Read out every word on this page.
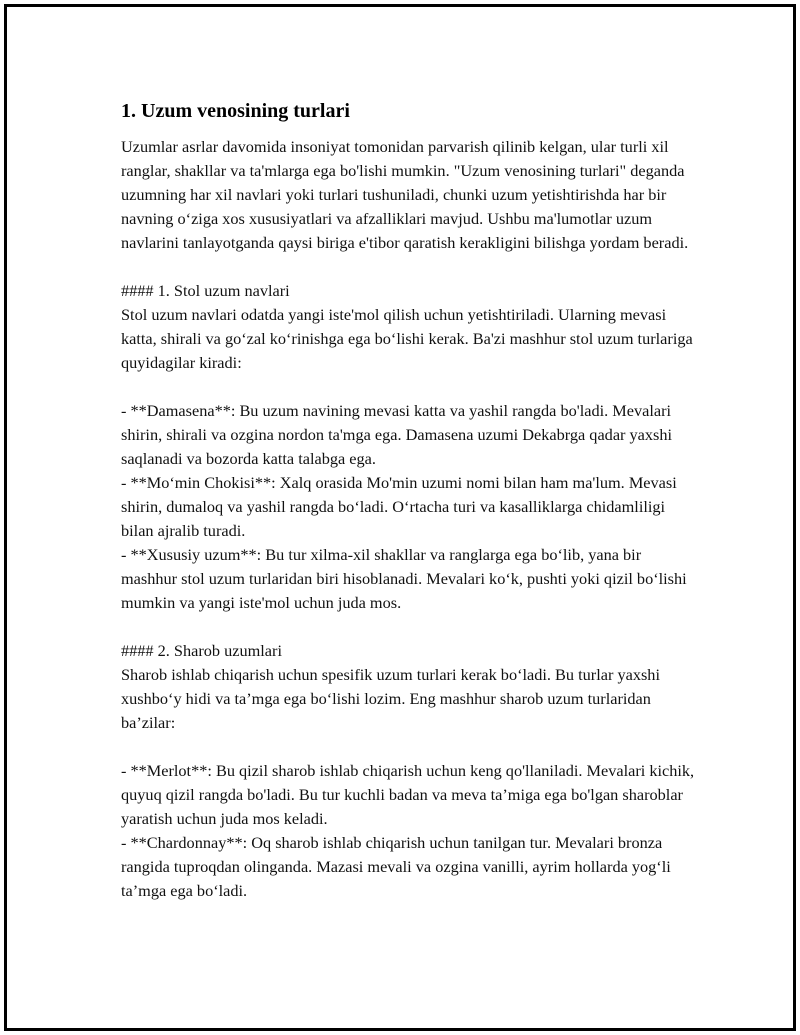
1. Uzum venosining turlari

Uzumlar asrlar davomida insoniyat tomonidan parvarish qilinib kelgan, ular turli xil ranglar, shakllar va ta'mlarga ega bo'lishi mumkin. "Uzum venosining turlari" deganda uzumning har xil navlari yoki turlari tushuniladi, chunki uzum yetishtirishda har bir navning o‘ziga xos xususiyatlari va afzalliklari mavjud. Ushbu ma'lumotlar uzum navlarini tanlayotganda qaysi biriga e'tibor qaratish kerakligini bilishga yordam beradi.

#### 1. Stol uzum navlari

Stol uzum navlari odatda yangi iste'mol qilish uchun yetishtiriladi. Ularning mevasi katta, shirali va go‘zal ko‘rinishga ega bo‘lishi kerak. Ba'zi mashhur stol uzum turlariga quyidagilar kiradi:

- **Damasena**: Bu uzum navining mevasi katta va yashil rangda bo'ladi. Mevalari shirin, shirali va ozgina nordon ta'mga ega. Damasena uzumi Dekabrga qadar yaxshi saqlanadi va bozorda katta talabga ega.

- **Mo‘min Chokisi**: Xalq orasida Mo'min uzumi nomi bilan ham ma'lum. Mevasi shirin, dumaloq va yashil rangda bo‘ladi. O‘rtacha turi va kasalliklarga chidamliligi bilan ajralib turadi.

- **Xususiy uzum**: Bu tur xilma-xil shakllar va ranglarga ega bo‘lib, yana bir mashhur stol uzum turlaridan biri hisoblanadi. Mevalari ko‘k, pushti yoki qizil bo‘lishi mumkin va yangi iste'mol uchun juda mos.

#### 2. Sharob uzumlari

Sharob ishlab chiqarish uchun spesifik uzum turlari kerak bo‘ladi. Bu turlar yaxshi xushbo‘y hidi va ta’mga ega bo‘lishi lozim. Eng mashhur sharob uzum turlaridan ba’zilar:

- **Merlot**: Bu qizil sharob ishlab chiqarish uchun keng qo'llaniladi. Mevalari kichik, quyuq qizil rangda bo'ladi. Bu tur kuchli badan va meva ta’miga ega bo'lgan sharoblar yaratish uchun juda mos keladi.

- **Chardonnay**: Oq sharob ishlab chiqarish uchun tanilgan tur. Mevalari bronza rangida tuproqdan olinganda. Mazasi mevali va ozgina vanilli, ayrim hollarda yog‘li ta’mga ega bo‘ladi.
